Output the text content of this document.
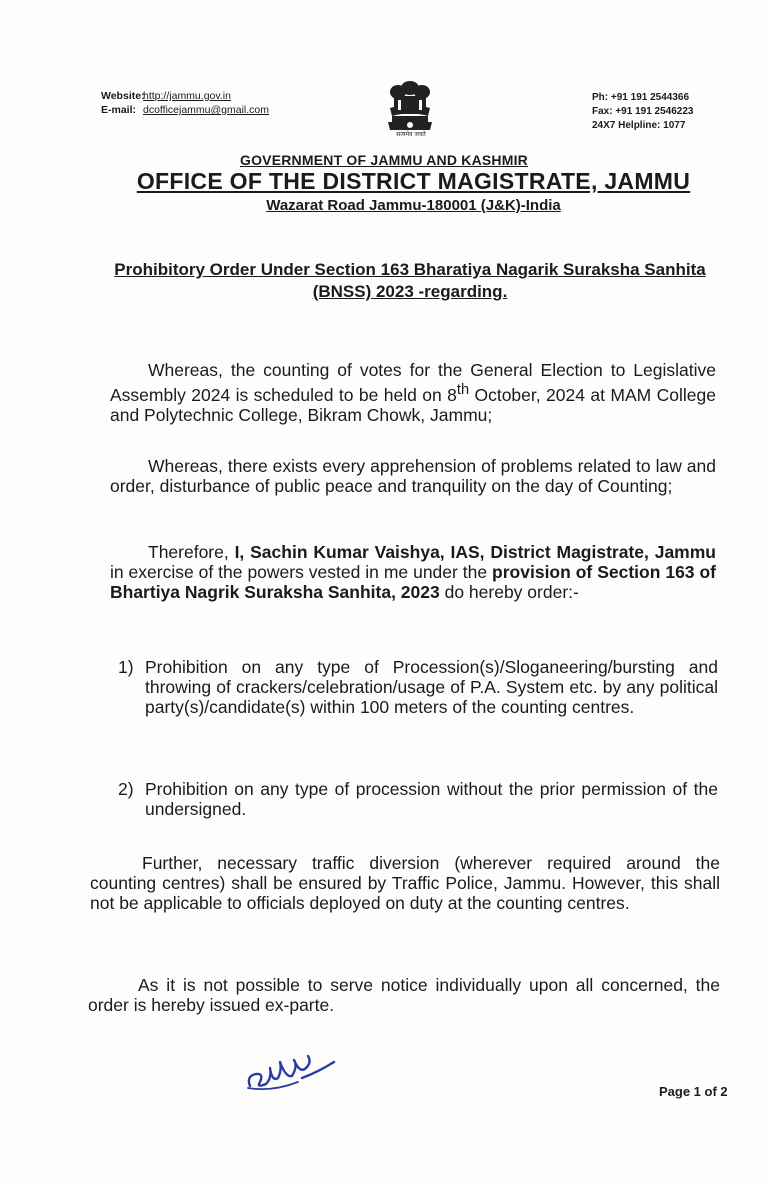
Website:
http://jammu.gov.in
E-mail: dcofficejammu@gmail.com
सत्यमेव जयते
Ph: +91 191 2544366
Fax: +91 191 2546223
24X7 Helpline: 1077
GOVERNMENT OF JAMMU AND KASHMIR
OFFICE OF THE DISTRICT MAGISTRATE, JAMMU
Wazarat Road Jammu-180001 (J&K)-India
Prohibitory Order Under Section 163 Bharatiya Nagarik Suraksha Sanhita (BNSS) 2023 -regarding.
Whereas, the counting of votes for the General Election to Legislative Assembly 2024 is scheduled to be held on 8th October, 2024 at MAM College and Polytechnic College, Bikram Chowk, Jammu;
Whereas, there exists every apprehension of problems related to law and order, disturbance of public peace and tranquility on the day of Counting;
Therefore, I, Sachin Kumar Vaishya, IAS, District Magistrate, Jammu in exercise of the powers vested in me under the provision of Section 163 of Bhartiya Nagrik Suraksha Sanhita, 2023 do hereby order:-
1) Prohibition on any type of Procession(s)/Sloganeering/bursting and throwing of crackers/celebration/usage of P.A. System etc. by any political party(s)/candidate(s) within 100 meters of the counting centres.
2) Prohibition on any type of procession without the prior permission of the undersigned.
Further, necessary traffic diversion (wherever required around the counting centres) shall be ensured by Traffic Police, Jammu. However, this shall not be applicable to officials deployed on duty at the counting centres.
As it is not possible to serve notice individually upon all concerned, the order is hereby issued ex-parte.
Page 1 of 2
